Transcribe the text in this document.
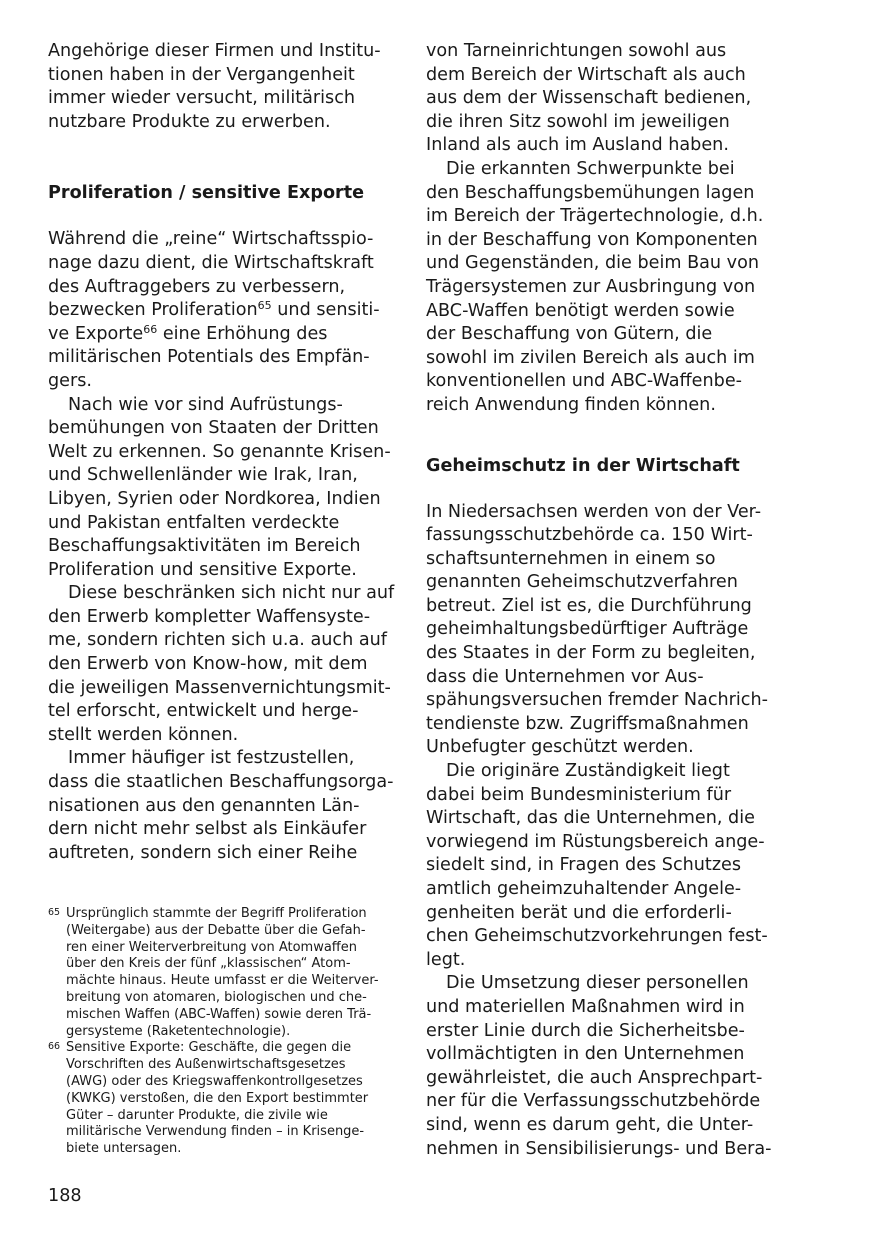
Angehörige dieser Firmen und Institu-
tionen haben in der Vergangenheit
immer wieder versucht, militärisch
nutzbare Produkte zu erwerben.
Proliferation / sensitive Exporte
Während die „reine“ Wirtschaftsspio-
nage dazu dient, die Wirtschaftskraft
des Auftraggebers zu verbessern,
bezwecken Proliferation$^{65}$ und sensiti-
ve Exporte$^{66}$ eine Erhöhung des
militärischen Potentials des Empfän-
gers.
Nach wie vor sind Aufrüstungs-
bemühungen von Staaten der Dritten
Welt zu erkennen. So genannte Krisen-
und Schwellenländer wie Irak, Iran,
Libyen, Syrien oder Nordkorea, Indien
und Pakistan entfalten verdeckte
Beschaffungsaktivitäten im Bereich
Proliferation und sensitive Exporte.
Diese beschränken sich nicht nur auf
den Erwerb kompletter Waffensyste-
me, sondern richten sich u.a. auch auf
den Erwerb von Know-how, mit dem
die jeweiligen Massenvernichtungsmit-
tel erforscht, entwickelt und herge-
stellt werden können.
Immer häufiger ist festzustellen,
dass die staatlichen Beschaffungsorga-
nisationen aus den genannten Län-
dern nicht mehr selbst als Einkäufer
auftreten, sondern sich einer Reihe
von Tarneinrichtungen sowohl aus
dem Bereich der Wirtschaft als auch
aus dem der Wissenschaft bedienen,
die ihren Sitz sowohl im jeweiligen
Inland als auch im Ausland haben.
Die erkannten Schwerpunkte bei
den Beschaffungsbemühungen lagen
im Bereich der Trägertechnologie, d.h.
in der Beschaffung von Komponenten
und Gegenständen, die beim Bau von
Trägersystemen zur Ausbringung von
ABC-Waffen benötigt werden sowie
der Beschaffung von Gütern, die
sowohl im zivilen Bereich als auch im
konventionellen und ABC-Waffenbe-
reich Anwendung finden können.
Geheimschutz in der Wirtschaft
In Niedersachsen werden von der Ver-
fassungsschutzbehörde ca. 150 Wirt-
schaftsunternehmen in einem so
genannten Geheimschutzverfahren
betreut. Ziel ist es, die Durchführung
geheimhaltungsbedürftiger Aufträge
des Staates in der Form zu begleiten,
dass die Unternehmen vor Aus-
spähungsversuchen fremder Nachrich-
tendienste bzw. Zugriffsmaßnahmen
Unbefugter geschützt werden.
Die originäre Zuständigkeit liegt
dabei beim Bundesministerium für
Wirtschaft, das die Unternehmen, die
vorwiegend im Rüstungsbereich ange-
siedelt sind, in Fragen des Schutzes
amtlich geheimzuhaltender Angele-
genheiten berät und die erforderli-
chen Geheimschutzvorkehrungen fest-
legt.
Die Umsetzung dieser personellen
und materiellen Maßnahmen wird in
erster Linie durch die Sicherheitsbe-
vollmächtigten in den Unternehmen
gewährleistet, die auch Ansprechpart-
ner für die Verfassungsschutzbehörde
sind, wenn es darum geht, die Unter-
nehmen in Sensibilisierungs- und Bera-
65 Ursprünglich stammte der Begriff Proliferation
(Weitergabe) aus der Debatte über die Gefah-
ren einer Weiterverbreitung von Atomwaffen
über den Kreis der fünf „klassischen“ Atom-
mächte hinaus. Heute umfasst er die Weiterver-
breitung von atomaren, biologischen und che-
mischen Waffen (ABC-Waffen) sowie deren Trä-
gersysteme (Raketentechnologie).
66 Sensitive Exporte: Geschäfte, die gegen die
Vorschriften des Außenwirtschaftsgesetzes
(AWG) oder des Kriegswaffenkontrollgesetzes
(KWKG) verstoßen, die den Export bestimmter
Güter – darunter Produkte, die zivile wie
militärische Verwendung finden – in Krisenge-
biete untersagen.
188
